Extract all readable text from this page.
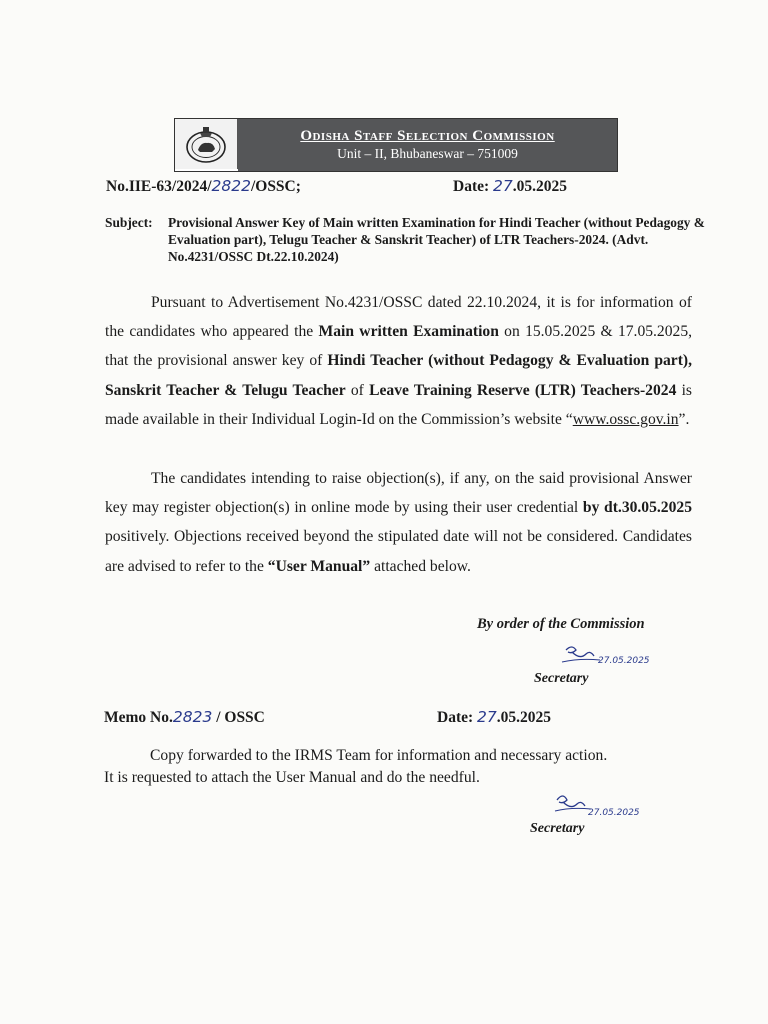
Odisha Staff Selection Commission
Unit – II, Bhubaneswar – 751009
No.IIE-63/2024/2822/OSSC;	Date: 27.05.2025
Subject: Provisional Answer Key of Main written Examination for Hindi Teacher (without Pedagogy & Evaluation part), Telugu Teacher & Sanskrit Teacher) of LTR Teachers-2024. (Advt. No.4231/OSSC Dt.22.10.2024)

Pursuant to Advertisement No.4231/OSSC dated 22.10.2024, it is for information of the candidates who appeared the Main written Examination on 15.05.2025 & 17.05.2025, that the provisional answer key of Hindi Teacher (without Pedagogy & Evaluation part), Sanskrit Teacher & Telugu Teacher of Leave Training Reserve (LTR) Teachers-2024 is made available in their Individual Login-Id on the Commission’s website “www.ossc.gov.in”.

The candidates intending to raise objection(s), if any, on the said provisional Answer key may register objection(s) in online mode by using their user credential by dt.30.05.2025 positively. Objections received beyond the stipulated date will not be considered. Candidates are advised to refer to the “User Manual” attached below.

By order of the Commission
27.05.2025
Secretary
Memo No.2823 / OSSC	Date: 27.05.2025
Copy forwarded to the IRMS Team for information and necessary action.
It is requested to attach the User Manual and do the needful.
27.05.2025
Secretary
